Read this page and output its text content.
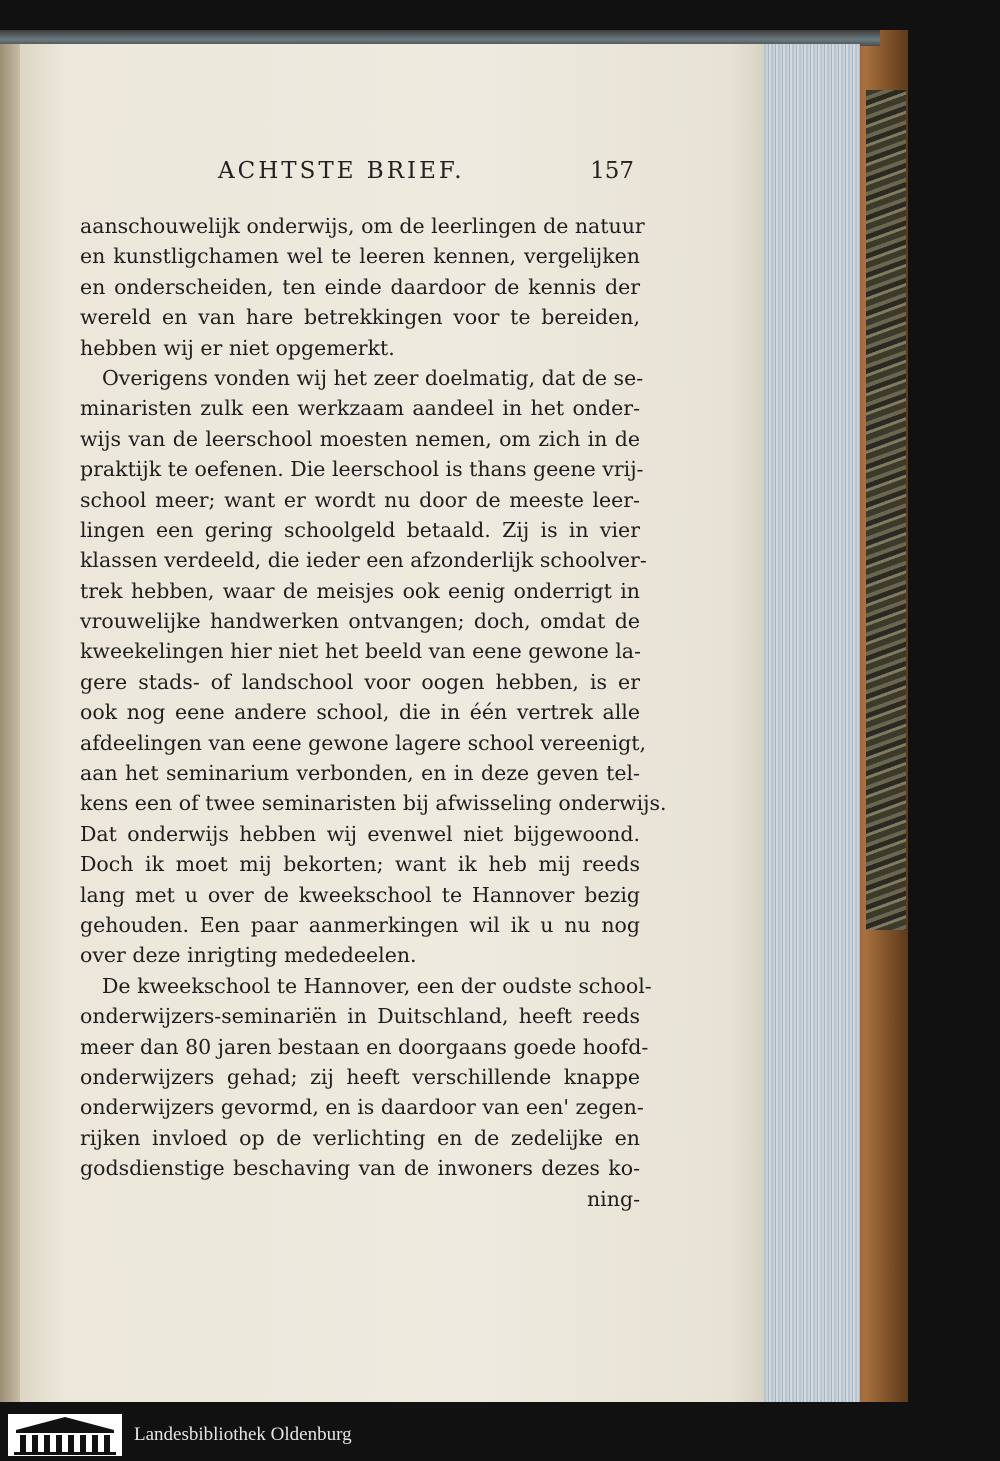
ACHTSTE BRIEF.	157
aanschouwelijk onderwijs, om de leerlingen de natuur
en kunstligchamen wel te leeren kennen, vergelijken
en onderscheiden, ten einde daardoor de kennis der
wereld en van hare betrekkingen voor te bereiden,
hebben wij er niet opgemerkt.
Overigens vonden wij het zeer doelmatig, dat de se-
minaristen zulk een werkzaam aandeel in het onder-
wijs van de leerschool moesten nemen, om zich in de
praktijk te oefenen. Die leerschool is thans geene vrij-
school meer; want er wordt nu door de meeste leer-
lingen een gering schoolgeld betaald. Zij is in vier
klassen verdeeld, die ieder een afzonderlijk schoolver-
trek hebben, waar de meisjes ook eenig onderrigt in
vrouwelijke handwerken ontvangen; doch, omdat de
kweekelingen hier niet het beeld van eene gewone la-
gere stads- of landschool voor oogen hebben, is er
ook nog eene andere school, die in één vertrek alle
afdeelingen van eene gewone lagere school vereenigt,
aan het seminarium verbonden, en in deze geven tel-
kens een of twee seminaristen bij afwisseling onderwijs.
Dat onderwijs hebben wij evenwel niet bijgewoond.
Doch ik moet mij bekorten; want ik heb mij reeds
lang met u over de kweekschool te Hannover bezig
gehouden. Een paar aanmerkingen wil ik u nu nog
over deze inrigting mededeelen.
De kweekschool te Hannover, een der oudste school-
onderwijzers-seminariën in Duitschland, heeft reeds
meer dan 80 jaren bestaan en doorgaans goede hoofd-
onderwijzers gehad; zij heeft verschillende knappe
onderwijzers gevormd, en is daardoor van een' zegen-
rijken invloed op de verlichting en de zedelijke en
godsdienstige beschaving van de inwoners dezes ko-
ning-
Landesbibliothek Oldenburg
